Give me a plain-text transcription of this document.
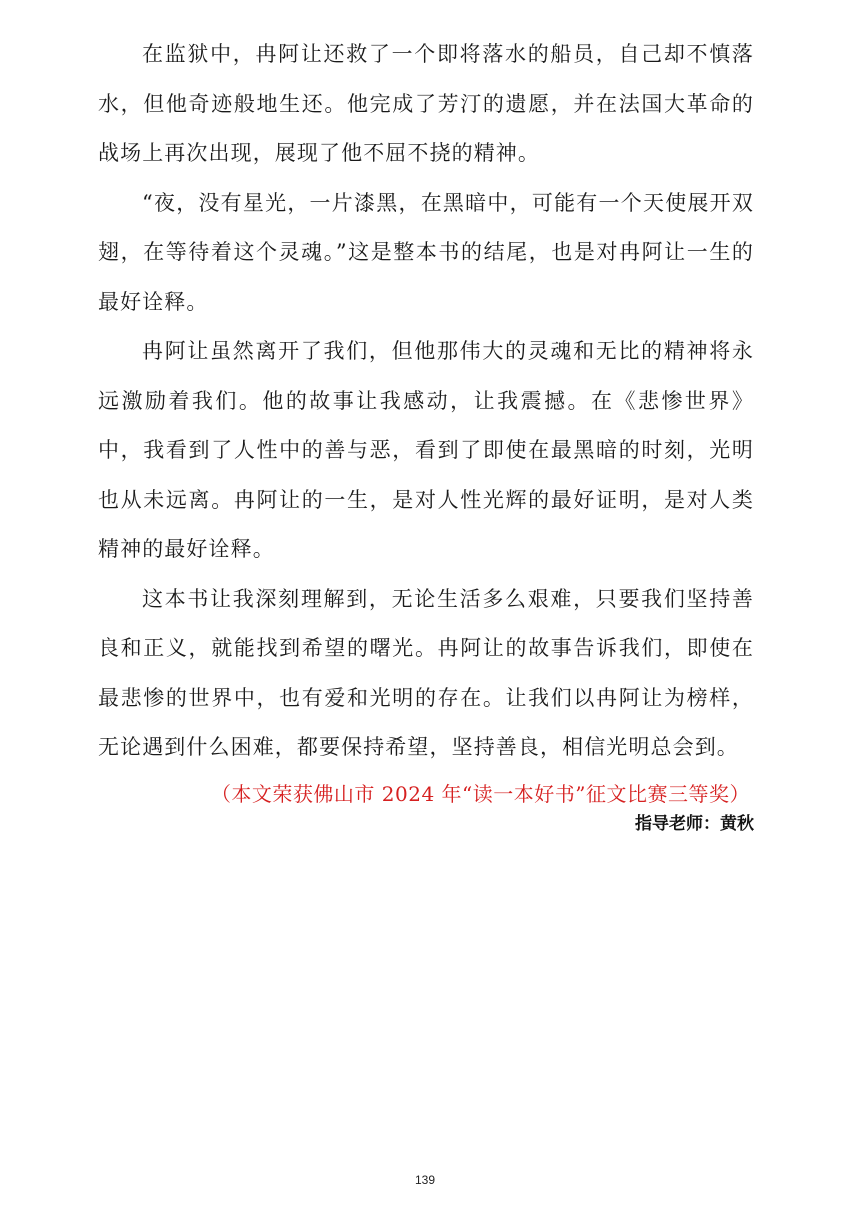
在监狱中，冉阿让还救了一个即将落水的船员，自己却不慎落水，但他奇迹般地生还。他完成了芳汀的遗愿，并在法国大革命的战场上再次出现，展现了他不屈不挠的精神。

“夜，没有星光，一片漆黑，在黑暗中，可能有一个天使展开双翅，在等待着这个灵魂。”这是整本书的结尾，也是对冉阿让一生的最好诠释。

冉阿让虽然离开了我们，但他那伟大的灵魂和无比的精神将永远激励着我们。他的故事让我感动，让我震撼。在《悲惨世界》中，我看到了人性中的善与恶，看到了即使在最黑暗的时刻，光明也从未远离。冉阿让的一生，是对人性光辉的最好证明，是对人类精神的最好诠释。

这本书让我深刻理解到，无论生活多么艰难，只要我们坚持善良和正义，就能找到希望的曙光。冉阿让的故事告诉我们，即使在最悲惨的世界中，也有爱和光明的存在。让我们以冉阿让为榜样，无论遇到什么困难，都要保持希望，坚持善良，相信光明总会到。

（本文荣获佛山市 2024 年“读一本好书”征文比赛三等奖）

指导老师：黄秋

139
